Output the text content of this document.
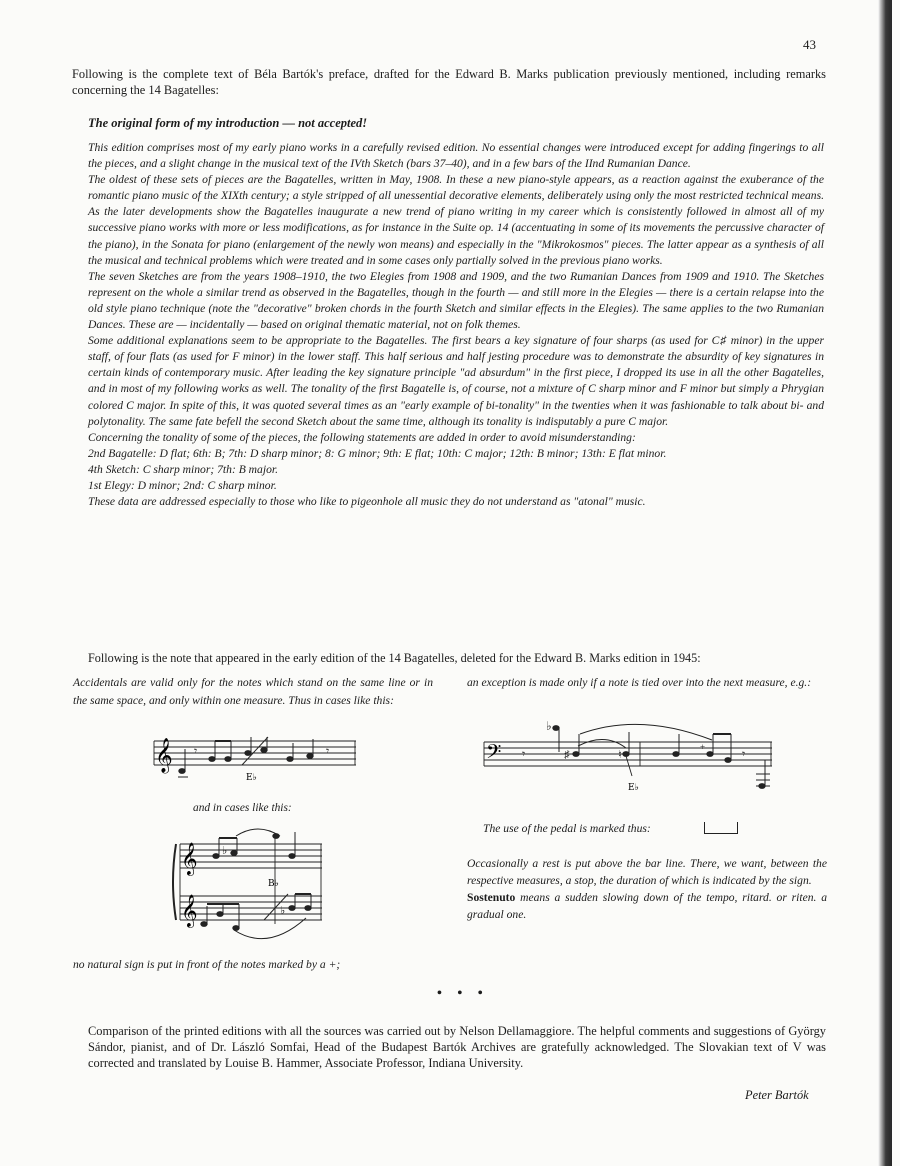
43
Following is the complete text of Béla Bartók's preface, drafted for the Edward B. Marks publication previously mentioned, including remarks concerning the 14 Bagatelles:
The original form of my introduction — not accepted!

This edition comprises most of my early piano works in a carefully revised edition. No essential changes were introduced except for adding fingerings to all the pieces, and a slight change in the musical text of the IVth Sketch (bars 37–40), and in a few bars of the IInd Rumanian Dance.

The oldest of these sets of pieces are the Bagatelles, written in May, 1908. In these a new piano-style appears, as a reaction against the exuberance of the romantic piano music of the XIXth century; a style stripped of all unessential decorative elements, deliberately using only the most restricted technical means. As the later developments show the Bagatelles inaugurate a new trend of piano writing in my career which is consistently followed in almost all of my successive piano works with more or less modifications, as for instance in the Suite op. 14 (accentuating in some of its movements the percussive character of the piano), in the Sonata for piano (enlargement of the newly won means) and especially in the "Mikrokosmos" pieces. The latter appear as a synthesis of all the musical and technical problems which were treated and in some cases only partially solved in the previous piano works.

The seven Sketches are from the years 1908–1910, the two Elegies from 1908 and 1909, and the two Rumanian Dances from 1909 and 1910. The Sketches represent on the whole a similar trend as observed in the Bagatelles, though in the fourth — and still more in the Elegies — there is a certain relapse into the old style piano technique (note the "decorative" broken chords in the fourth Sketch and similar effects in the Elegies). The same applies to the two Rumanian Dances. These are — incidentally — based on original thematic material, not on folk themes.

Some additional explanations seem to be appropriate to the Bagatelles. The first bears a key signature of four sharps (as used for C♯ minor) in the upper staff, of four flats (as used for F minor) in the lower staff. This half serious and half jesting procedure was to demonstrate the absurdity of key signatures in certain kinds of contemporary music. After leading the key signature principle "ad absurdum" in the first piece, I dropped its use in all the other Bagatelles, and in most of my following works as well. The tonality of the first Bagatelle is, of course, not a mixture of C sharp minor and F minor but simply a Phrygian colored C major. In spite of this, it was quoted several times as an "early example of bi-tonality" in the twenties when it was fashionable to talk about bi- and polytonality. The same fate befell the second Sketch about the same time, although its tonality is indisputably a pure C major.

Concerning the tonality of some of the pieces, the following statements are added in order to avoid misunderstanding:

2nd Bagatelle: D flat; 6th: B; 7th: D sharp minor; 8: G minor; 9th: E flat; 10th: C major; 12th: B minor; 13th: E flat minor.

4th Sketch: C sharp minor; 7th: B major.

1st Elegy: D minor; 2nd: C sharp minor.

These data are addressed especially to those who like to pigeonhole all music they do not understand as "atonal" music.

Following is the note that appeared in the early edition of the 14 Bagatelles, deleted for the Edward B. Marks edition in 1945:
Accidentals are valid only for the notes which stand on the same line or in the same space, and only within one measure. Thus in cases like this:
an exception is made only if a note is tied over into the next measure, e.g.:
𝄞 𝄾	𝄾
E♭
and in cases like this:
𝄞
𝄞
♭
♭
B♭
𝄢 𝄾
♭
♯	♮	𝄾
+
E♭
The use of the pedal is marked thus:

Occasionally a rest is put above the bar line. There, we want, between the respective measures, a stop, the duration of which is indicated by the sign.

Sostenuto means a sudden slowing down of the tempo, ritard. or riten. a gradual one.

no natural sign is put in front of the notes marked by a +;
• • •
Comparison of the printed editions with all the sources was carried out by Nelson Dellamaggiore. The helpful comments and suggestions of György Sándor, pianist, and of Dr. László Somfai, Head of the Budapest Bartók Archives are gratefully acknowledged. The Slovakian text of V was corrected and translated by Louise B. Hammer, Associate Professor, Indiana University.
Peter Bartók
